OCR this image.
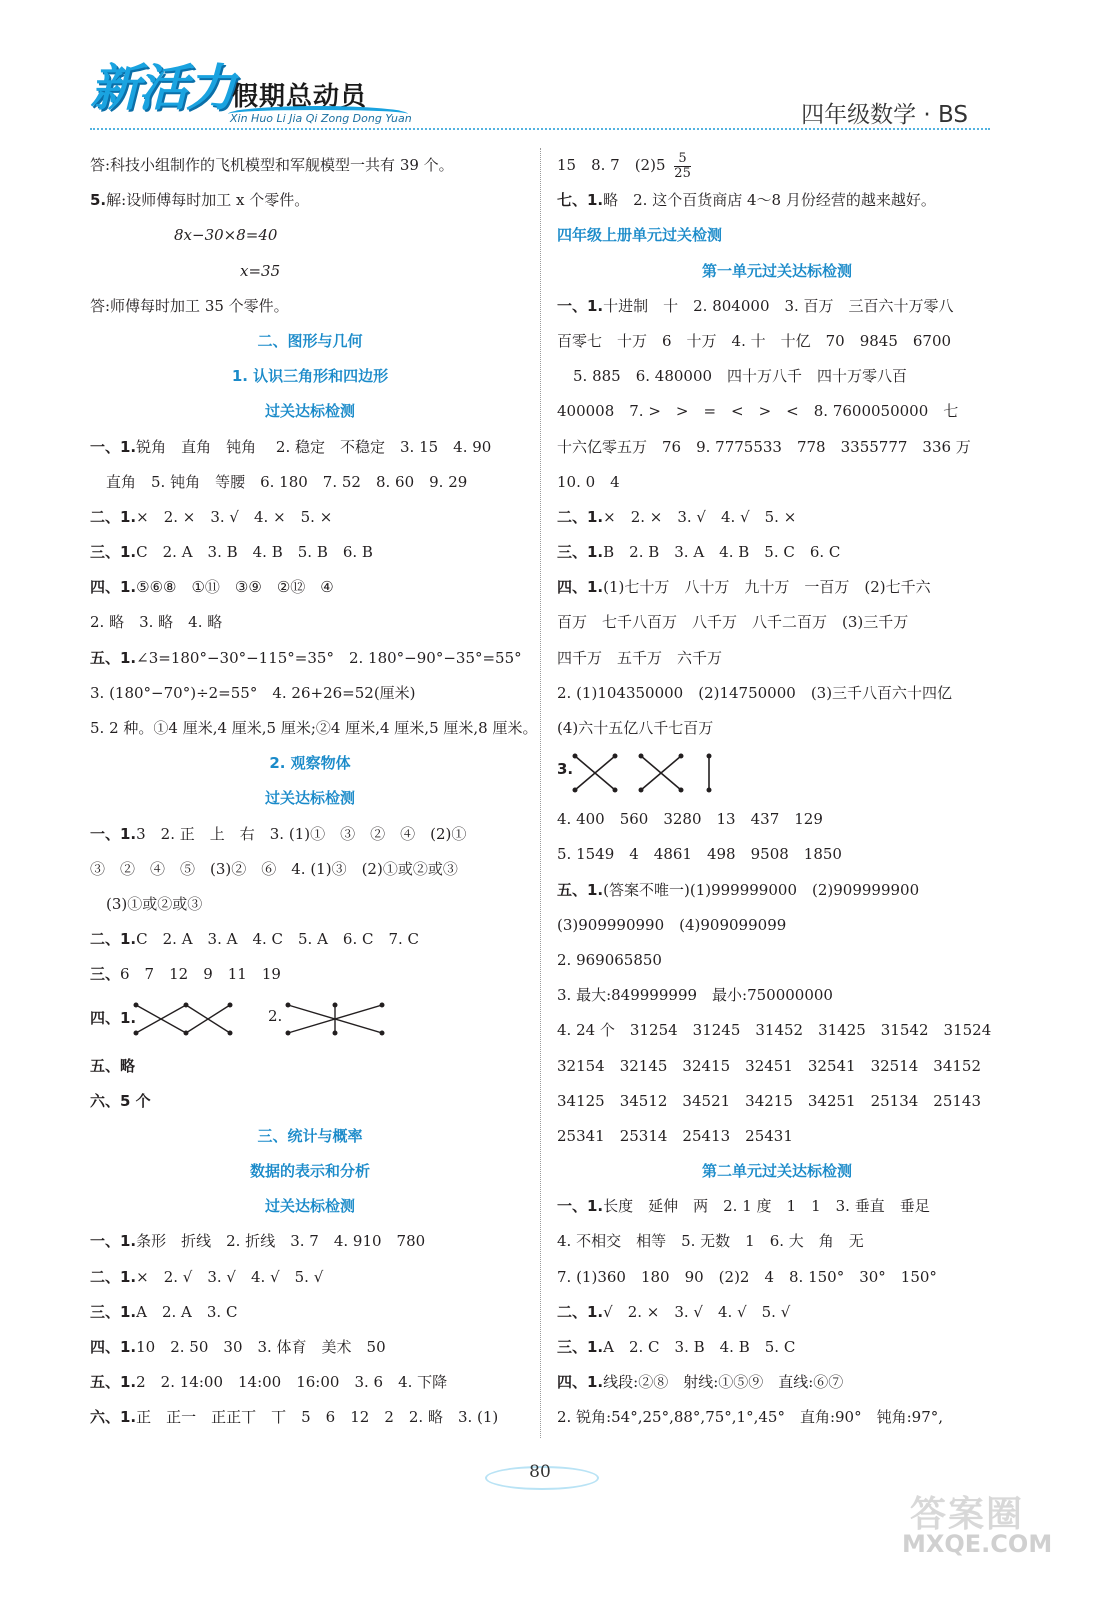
新活力
假期总动员
Xin Huo Li Jia Qi Zong Dong Yuan	四年级数学 · BS
答:科技小组制作的飞机模型和军舰模型一共有 39 个。
5.解:设师傅每时加工 x 个零件。
8x−30×8=40
x=35
答:师傅每时加工 35 个零件。
二、图形与几何
1. 认识三角形和四边形
过关达标检测
一、1.锐角　直角　钝角 　2. 稳定　不稳定　3. 15　4. 90
直角　5. 钝角　等腰　6. 180　7. 52　8. 60　9. 29
二、1.×　2. ×　3. √　4. ×　5. ×
三、1.C　2. A　3. B　4. B　5. B　6. B
四、1.⑤⑥⑧　①⑪　③⑨　②⑫　④
2. 略　3. 略　4. 略
五、1.∠3=180°−30°−115°=35°　2. 180°−90°−35°=55°
3. (180°−70°)÷2=55°　4. 26+26=52(厘米)
5. 2 种。①4 厘米,4 厘米,5 厘米;②4 厘米,4 厘米,5 厘米,8 厘米。
2. 观察物体
过关达标检测
一、1.3　2. 正　上　右　3. (1)①　③　②　④　(2)①
③　②　④　⑤　(3)②　⑥　4. (1)③　(2)①或②或③
(3)①或②或③
二、1.C　2. A　3. A　4. C　5. A　6. C　7. C
三、6　7　12　9　11　19
四、1.	2.
五、略
六、5 个
三、统计与概率
数据的表示和分析
过关达标检测
一、1.条形　折线　2. 折线　3. 7　4. 910　780
二、1.×　2. √　3. √　4. √　5. √
三、1.A　2. A　3. C
四、1.10　2. 50　30　3. 体育　美术　50
五、1.2　2. 14:00　14:00　16:00　3. 6　4. 下降
六、1.正　正一　正正丅　丅　5　6　12　2　2. 略　3. (1)
15　8. 7　$(2)5 \frac{5}{25}$
七、1.略　2. 这个百货商店 4～8 月份经营的越来越好。
四年级上册单元过关检测
第一单元过关达标检测
一、1.十进制　十　2. 804000　3. 百万　三百六十万零八
百零七　十万　6　十万　4. 十　十亿　70　9845　6700
5. 885　6. 480000　四十万八千　四十万零八百
400008　7. >　>　=　<　>　<　8. 7600050000　七
十六亿零五万　76　9. 7775533　778　3355777　336 万
10. 0　4
二、1.×　2. ×　3. √　4. √　5. ×
三、1.B　2. B　3. A　4. B　5. C　6. C
四、1.(1)七十万　八十万　九十万　一百万　(2)七千六
百万　七千八百万　八千万　八千二百万　(3)三千万
四千万　五千万　六千万
2. (1)104350000　(2)14750000　(3)三千八百六十四亿
(4)六十五亿八千七百万
3.
4. 400　560　3280　13　437　129
5. 1549　4　4861　498　9508　1850
五、1.(答案不唯一)(1)999999000　(2)909999900
(3)909990990　(4)909099099
2. 969065850
3. 最大:849999999　最小:750000000
4. 24 个　31254　31245　31452　31425　31542　31524
32154　32145　32415　32451　32541　32514　34152
34125　34512　34521　34215　34251　25134　25143
25341　25314　25413　25431
第二单元过关达标检测
一、1.长度　延伸　两　2. 1 度　1　1　3. 垂直　垂足
4. 不相交　相等　5. 无数　1　6. 大　角　无
7. (1)360　180　90　(2)2　4　8. 150°　30°　150°
二、1.√　2. ×　3. √　4. √　5. √
三、1.A　2. C　3. B　4. B　5. C
四、1.线段:②⑧　射线:①⑤⑨　直线:⑥⑦
2. 锐角:54°,25°,88°,75°,1°,45°　直角:90°　钝角:97°,
80
答案圈
MXQE.COM
